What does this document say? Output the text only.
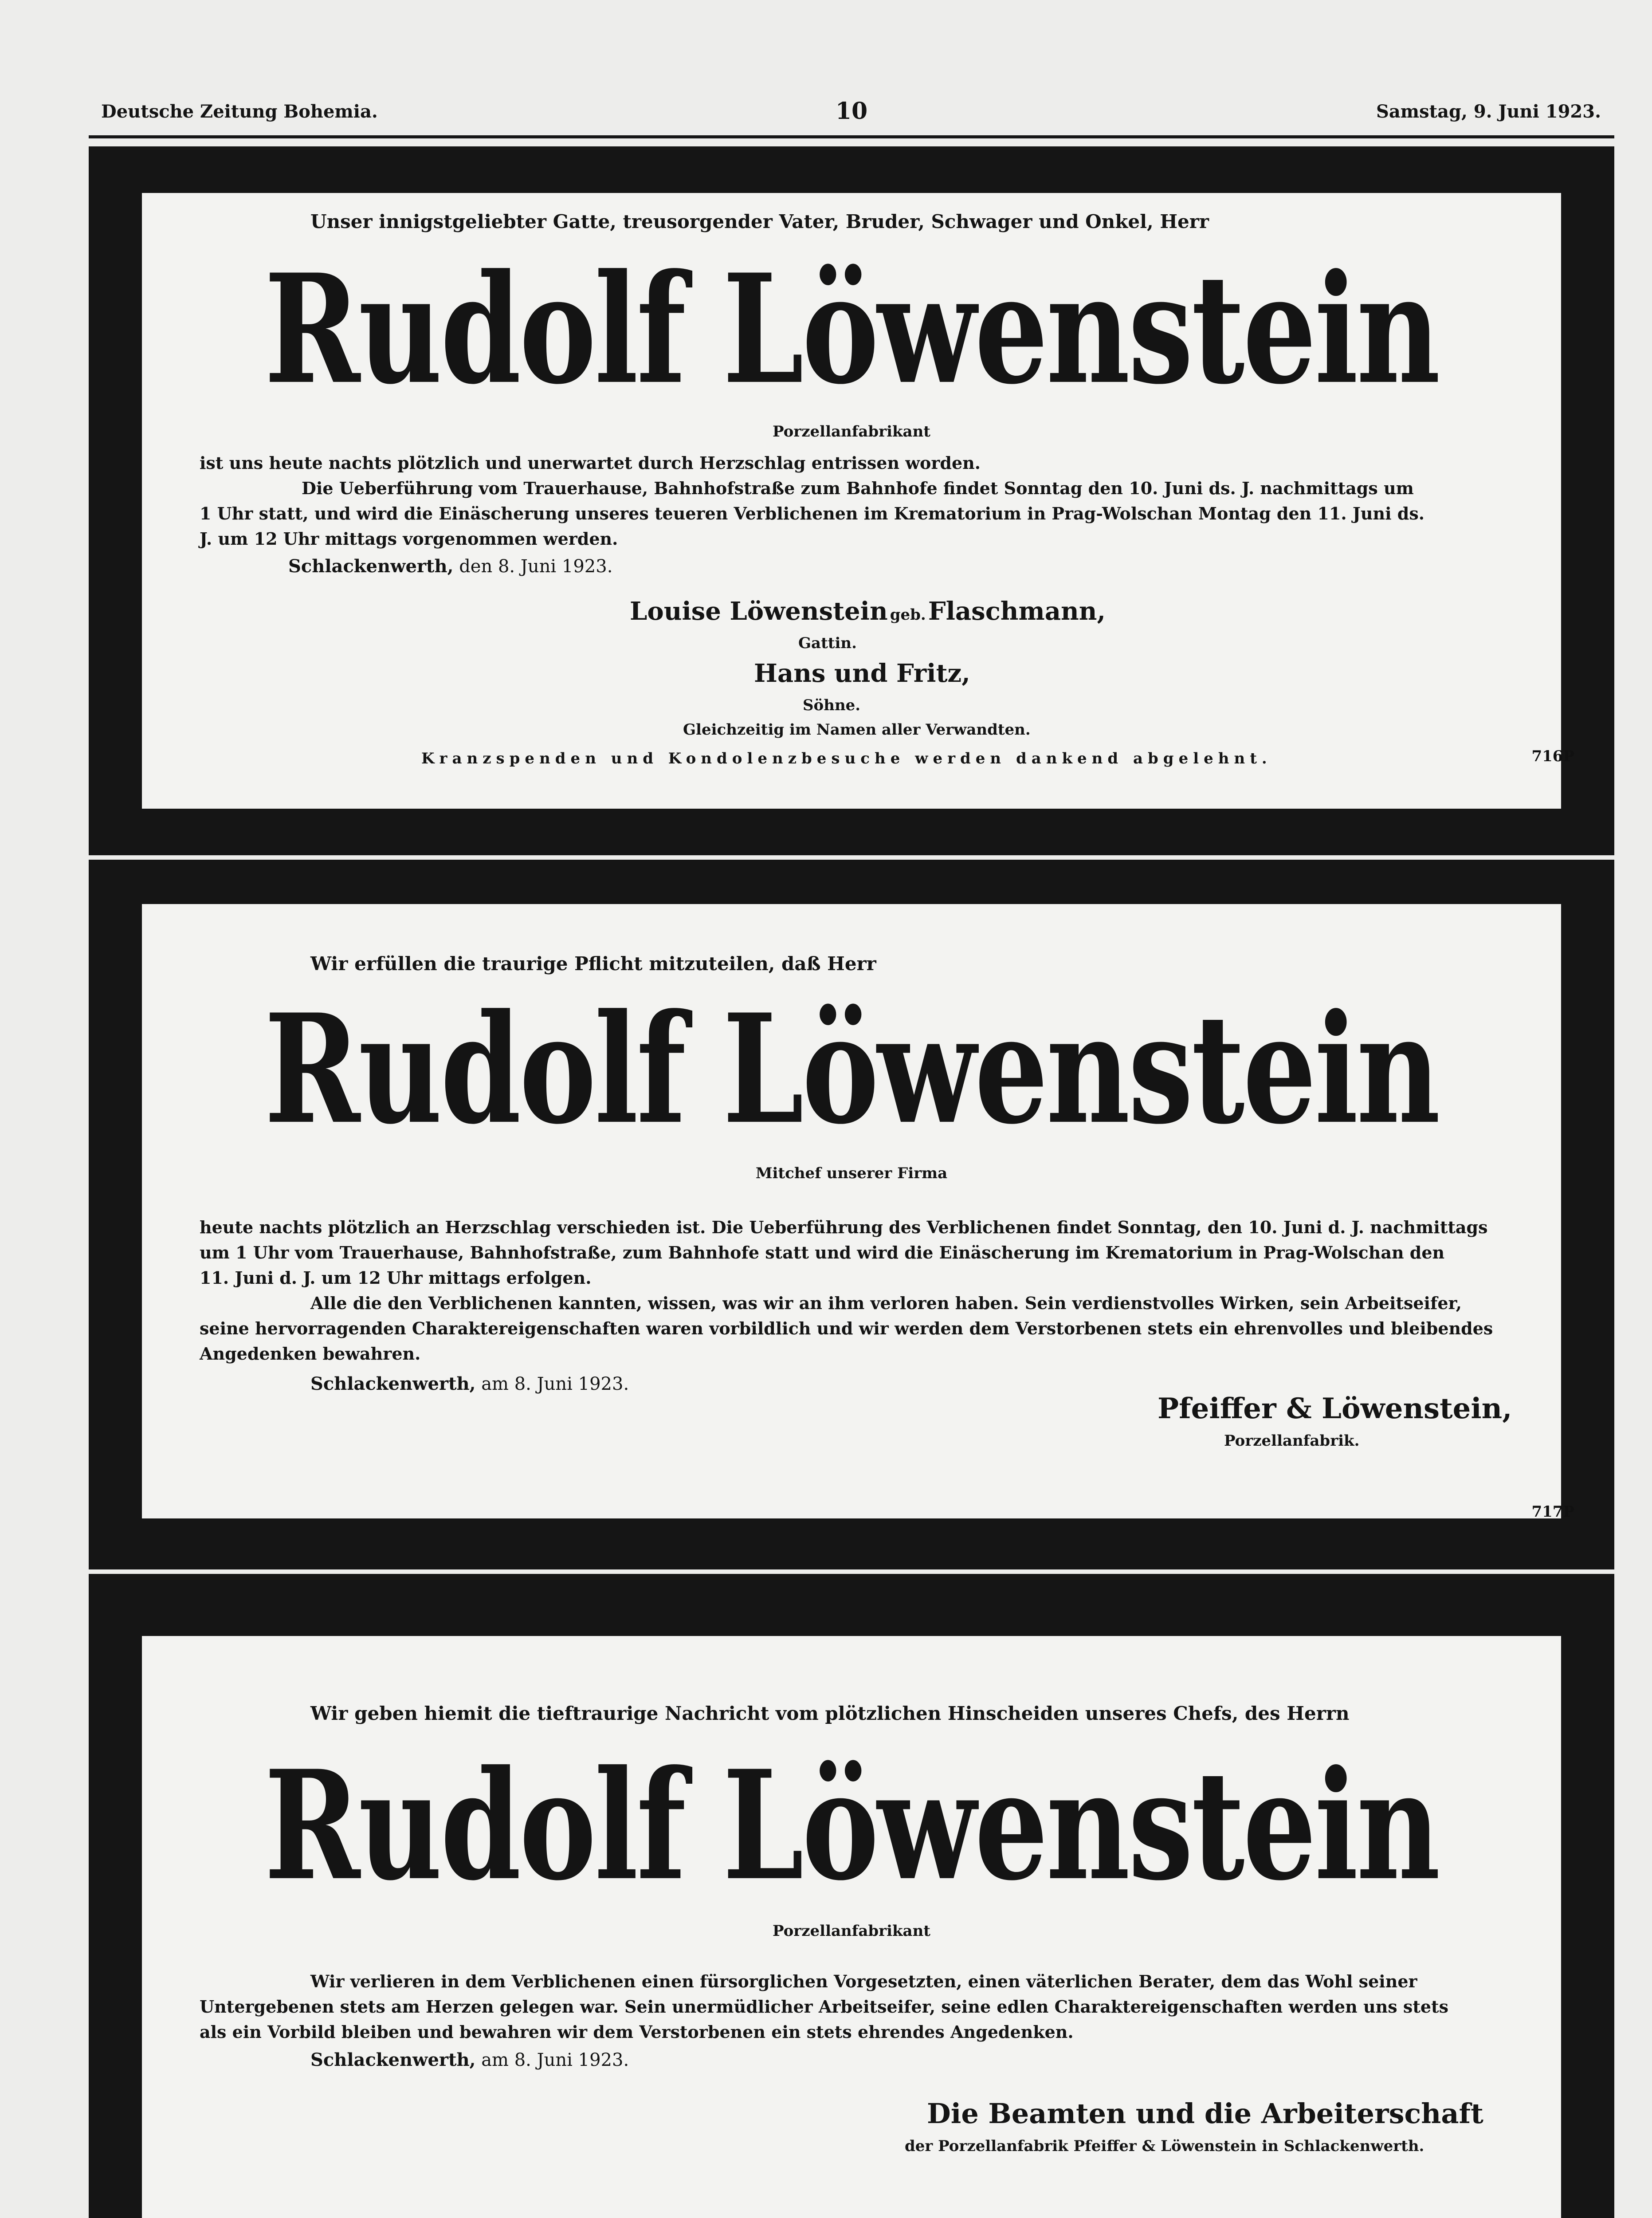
Deutsche Zeitung Bohemia.	10	Samstag, 9. Juni 1923.
Unser innigstgeliebter Gatte, treusorgender Vater, Bruder, Schwager und Onkel, Herr
Rudolf Löwenstein
Porzellanfabrikant
ist uns heute nachts plötzlich und unerwartet durch Herzschlag entrissen worden.
Die Ueberführung vom Trauerhause, Bahnhofstraße zum Bahnhofe findet Sonntag den 10. Juni ds. J. nachmittags um
1 Uhr statt, und wird die Einäscherung unseres teueren Verblichenen im Krematorium in Prag-Wolschan Montag den 11. Juni ds.
J. um 12 Uhr mittags vorgenommen werden.
Schlackenwerth, den 8. Juni 1923.
Louise Löwenstein geb. Flaschmann,
Gattin.
Hans und Fritz,
Söhne.
Gleichzeitig im Namen aller Verwandten.
Kranzspenden und Kondolenzbesuche werden dankend abgelehnt.	716P
Wir erfüllen die traurige Pflicht mitzuteilen, daß Herr
Rudolf Löwenstein
Mitchef unserer Firma
heute nachts plötzlich an Herzschlag verschieden ist. Die Ueberführung des Verblichenen findet Sonntag, den 10. Juni d. J. nachmittags
um 1 Uhr vom Trauerhause, Bahnhofstraße, zum Bahnhofe statt und wird die Einäscherung im Krematorium in Prag-Wolschan den
11. Juni d. J. um 12 Uhr mittags erfolgen.
Alle die den Verblichenen kannten, wissen, was wir an ihm verloren haben. Sein verdienstvolles Wirken, sein Arbeitseifer,
seine hervorragenden Charaktereigenschaften waren vorbildlich und wir werden dem Verstorbenen stets ein ehrenvolles und bleibendes
Angedenken bewahren.
Schlackenwerth, am 8. Juni 1923.
Pfeiffer & Löwenstein,
Porzellanfabrik.
717P
Wir geben hiemit die tieftraurige Nachricht vom plötzlichen Hinscheiden unseres Chefs, des Herrn
Rudolf Löwenstein
Porzellanfabrikant
Wir verlieren in dem Verblichenen einen fürsorglichen Vorgesetzten, einen väterlichen Berater, dem das Wohl seiner
Untergebenen stets am Herzen gelegen war. Sein unermüdlicher Arbeitseifer, seine edlen Charaktereigenschaften werden uns stets
als ein Vorbild bleiben und bewahren wir dem Verstorbenen ein stets ehrendes Angedenken.
Schlackenwerth, am 8. Juni 1923.
Die Beamten und die Arbeiterschaft
der Porzellanfabrik Pfeiffer & Löwenstein in Schlackenwerth.
